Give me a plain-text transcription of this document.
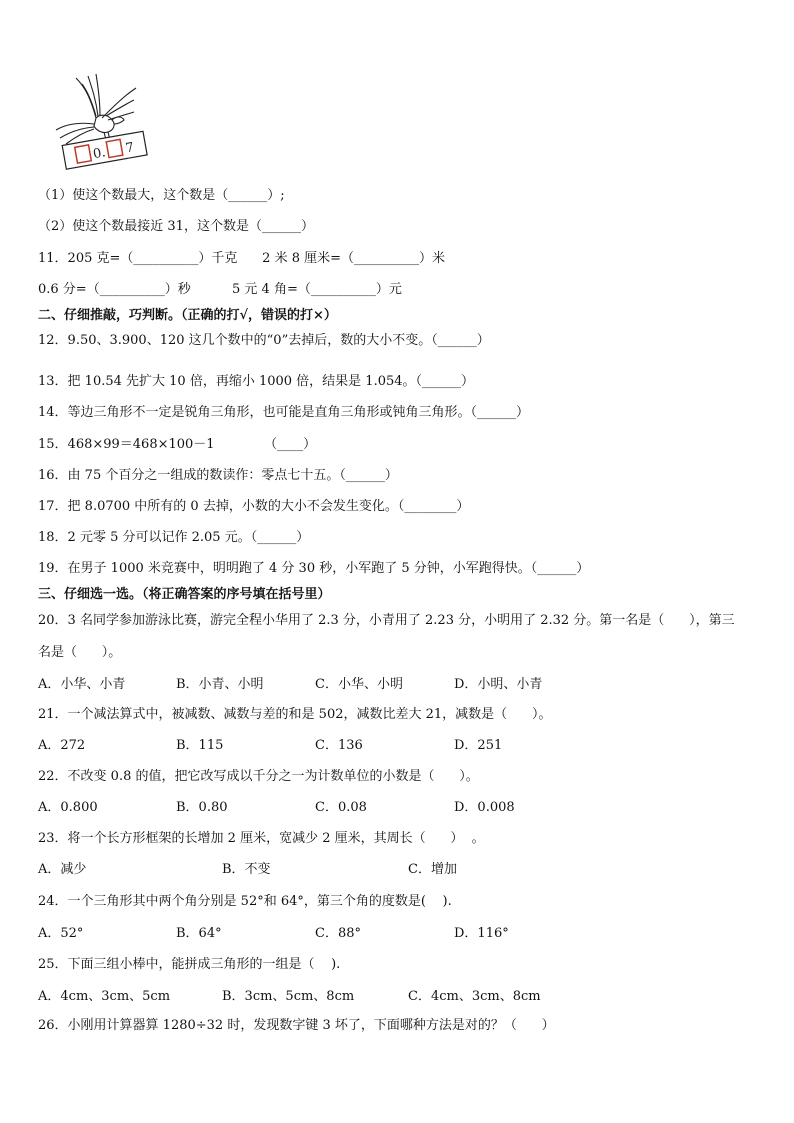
0. 7
（1）使这个数最大，这个数是（______）;
（2）使这个数最接近 31，这个数是（______）
11．205 克=（__________）千克      2 米 8 厘米=（__________）米
0.6 分=（__________）秒          5 元 4 角=（__________）元
二、仔细推敲，巧判断。（正确的打√，错误的打×）
12．9.50、3.900、120 这几个数中的“0”去掉后，数的大小不变。（______）
13．把 10.54 先扩大 10 倍，再缩小 1000 倍，结果是 1.054。（______）
14．等边三角形不一定是锐角三角形，也可能是直角三角形或钝角三角形。（______）
15．468×99＝468×100－1            （____）
16．由 75 个百分之一组成的数读作：零点七十五。（______）
17．把 8.0700 中所有的 0 去掉，小数的大小不会发生变化。（________）
18．2 元零 5 分可以记作 2.05 元。（______）
19．在男子 1000 米竞赛中，明明跑了 4 分 30 秒，小军跑了 5 分钟，小军跑得快。（______）
三、仔细选一选。（将正确答案的序号填在括号里）
20．3 名同学参加游泳比赛，游完全程小华用了 2.3 分，小青用了 2.23 分，小明用了 2.32 分。第一名是（      ），第三
名是（      ）。
A．小华、小青	B．小青、小明	C．小华、小明	D．小明、小青
21．一个减法算式中，被减数、减数与差的和是 502，减数比差大 21，减数是（      ）。
A．272	B．115	C．136	D．251
22．不改变 0.8 的值，把它改写成以千分之一为计数单位的小数是（      ）。
A．0.800	B．0.80	C．0.08	D．0.008
23．将一个长方形框架的长增加 2 厘米，宽减少 2 厘米，其周长（      ）  。
A．减少	B．不变	C．增加
24．一个三角形其中两个角分别是 52°和 64°，第三个角的度数是(    ).
A．52°	B．64°	C．88°	D．116°
25．下面三组小棒中，能拼成三角形的一组是（    ).
A．4cm、3cm、5cm	B．3cm、5cm、8cm	C．4cm、3cm、8cm
26．小刚用计算器算 1280÷32 时，发现数字键 3 坏了，下面哪种方法是对的？（      ）
